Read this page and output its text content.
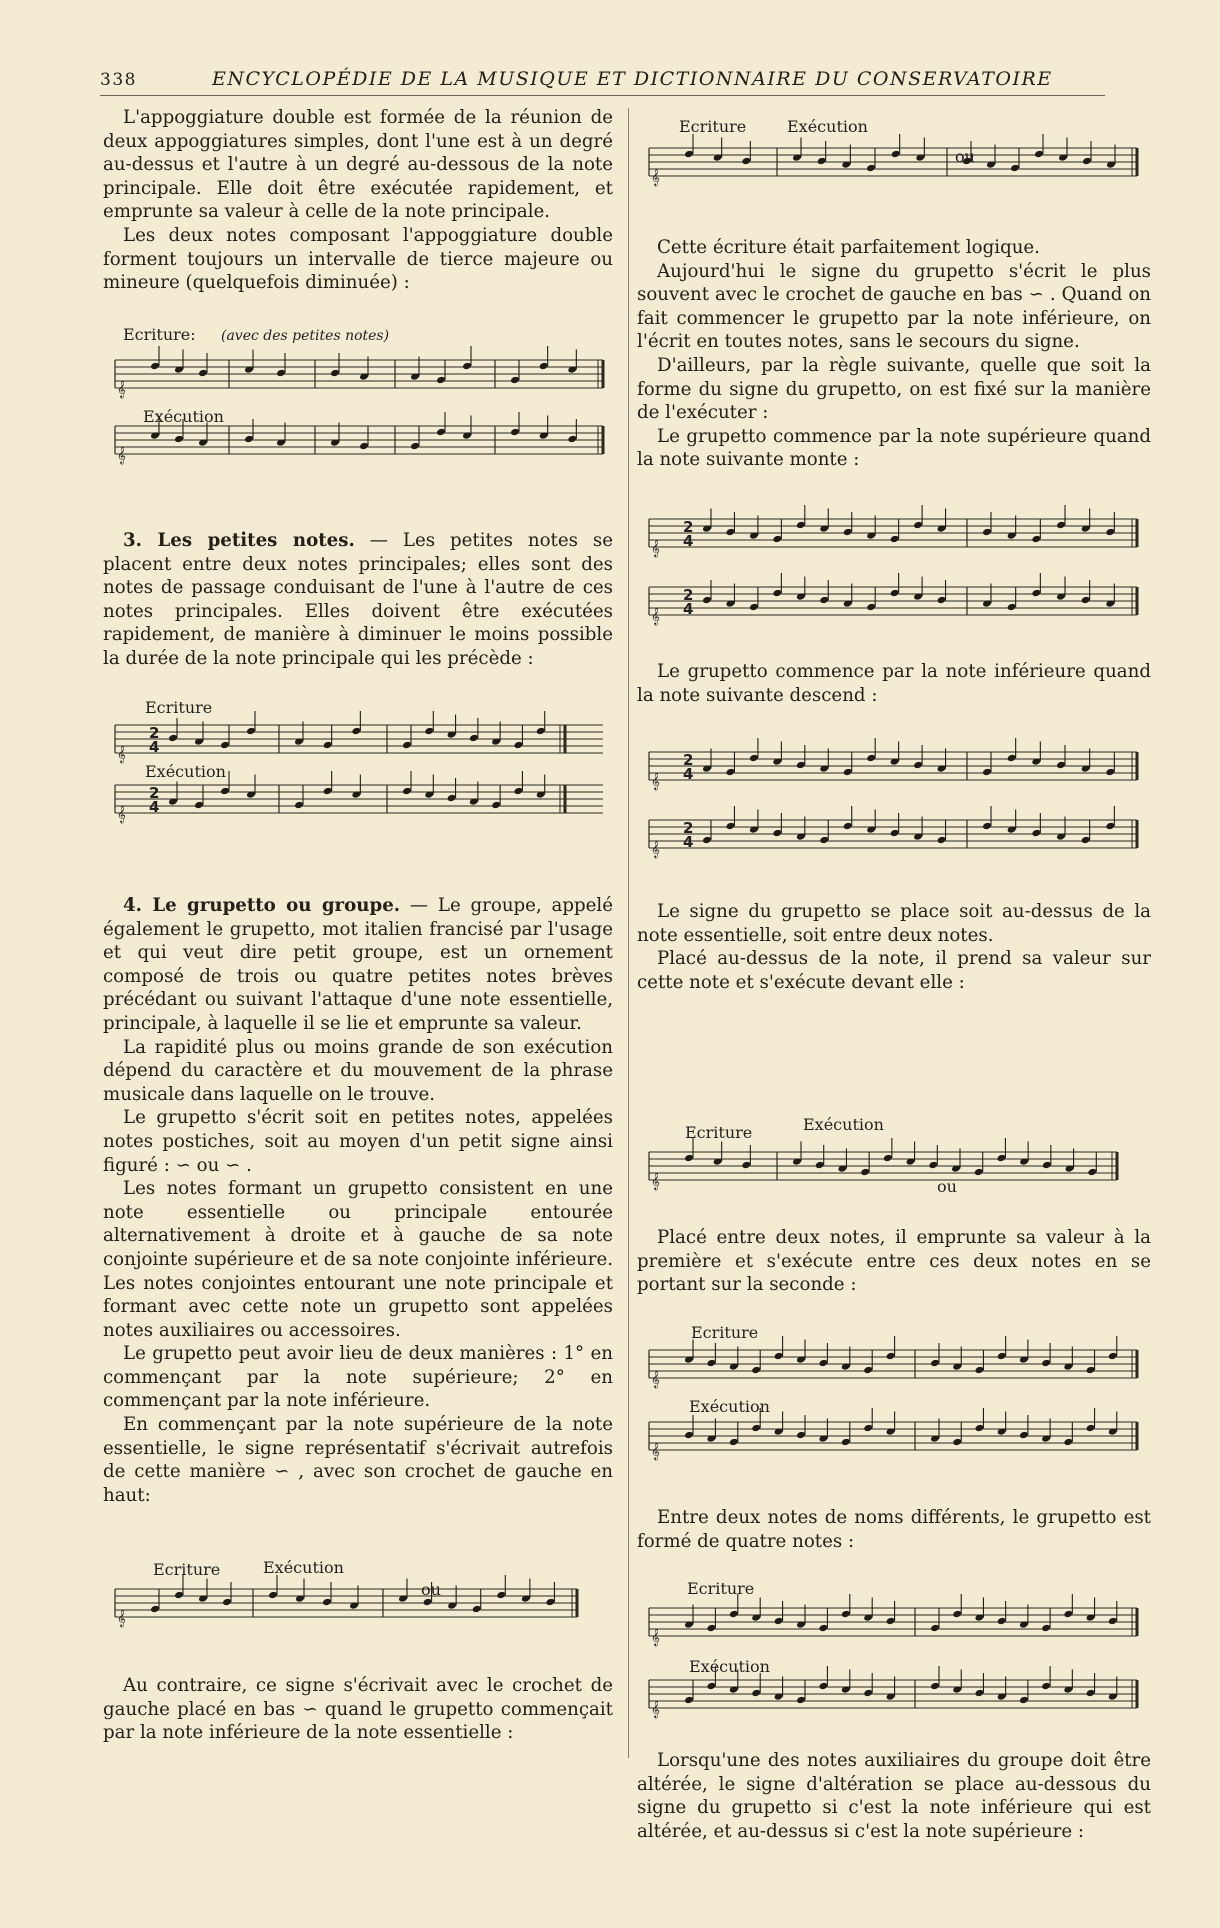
338	ENCYCLOPÉDIE DE LA MUSIQUE ET DICTIONNAIRE DU CONSERVATOIRE

L'appoggiature double est formée de la réunion de deux appoggiatures simples, dont l'une est à un degré au-dessus et l'autre à un degré au-dessous de la note principale. Elle doit être exécutée rapidement, et emprunte sa valeur à celle de la note principale.

Les deux notes composant l'appoggiature double forment toujours un intervalle de tierce majeure ou mineure (quelquefois diminuée) :

Ecriture: (avec des petites notes)
𝄞
Exécution
𝄞

3. Les petites notes. — Les petites notes se placent entre deux notes principales; elles sont des notes de passage conduisant de l'une à l'autre de ces notes principales. Elles doivent être exécutées rapidement, de manière à diminuer le moins possible la durée de la note principale qui les précède :

Ecriture
𝄞
2
4
Exécution
𝄞
2
4

4. Le grupetto ou groupe. — Le groupe, appelé également le grupetto, mot italien francisé par l'usage et qui veut dire petit groupe, est un ornement composé de trois ou quatre petites notes brèves précédant ou suivant l'attaque d'une note essentielle, principale, à laquelle il se lie et emprunte sa valeur.

La rapidité plus ou moins grande de son exécution dépend du caractère et du mouvement de la phrase musicale dans laquelle on le trouve.

Le grupetto s'écrit soit en petites notes, appelées notes postiches, soit au moyen d'un petit signe ainsi figuré : ∽ ou ∽ .

Les notes formant un grupetto consistent en une note essentielle ou principale entourée alternativement à droite et à gauche de sa note conjointe supérieure et de sa note conjointe inférieure. Les notes conjointes entourant une note principale et formant avec cette note un grupetto sont appelées notes auxiliaires ou accessoires.

Le grupetto peut avoir lieu de deux manières : 1° en commençant par la note supérieure; 2° en commençant par la note inférieure.

En commençant par la note supérieure de la note essentielle, le signe représentatif s'écrivait autrefois de cette manière ∽ , avec son crochet de gauche en haut:

Ecriture	Exécution
𝄞
ou

Au contraire, ce signe s'écrivait avec le crochet de gauche placé en bas ∽ quand le grupetto commençait par la note inférieure de la note essentielle :

Ecriture	Exécution
𝄞
ou

Cette écriture était parfaitement logique.

Aujourd'hui le signe du grupetto s'écrit le plus souvent avec le crochet de gauche en bas ∽ . Quand on fait commencer le grupetto par la note inférieure, on l'écrit en toutes notes, sans le secours du signe.

D'ailleurs, par la règle suivante, quelle que soit la forme du signe du grupetto, on est fixé sur la manière de l'exécuter :

Le grupetto commence par la note supérieure quand la note suivante monte :

𝄞
2
4
𝄞
2
4

Le grupetto commence par la note inférieure quand la note suivante descend :

𝄞
2
4
𝄞
2
4

Le signe du grupetto se place soit au-dessus de la note essentielle, soit entre deux notes.

Placé au-dessus de la note, il prend sa valeur sur cette note et s'exécute devant elle :

Ecriture	Exécution
𝄞	ou

Placé entre deux notes, il emprunte sa valeur à la première et s'exécute entre ces deux notes en se portant sur la seconde :

Ecriture
𝄞
Exécution
𝄞

Entre deux notes de noms différents, le grupetto est formé de quatre notes :

Ecriture
𝄞
Exécution
𝄞

Lorsqu'une des notes auxiliaires du groupe doit être altérée, le signe d'altération se place au-dessous du signe du grupetto si c'est la note inférieure qui est altérée, et au-dessus si c'est la note supérieure :
